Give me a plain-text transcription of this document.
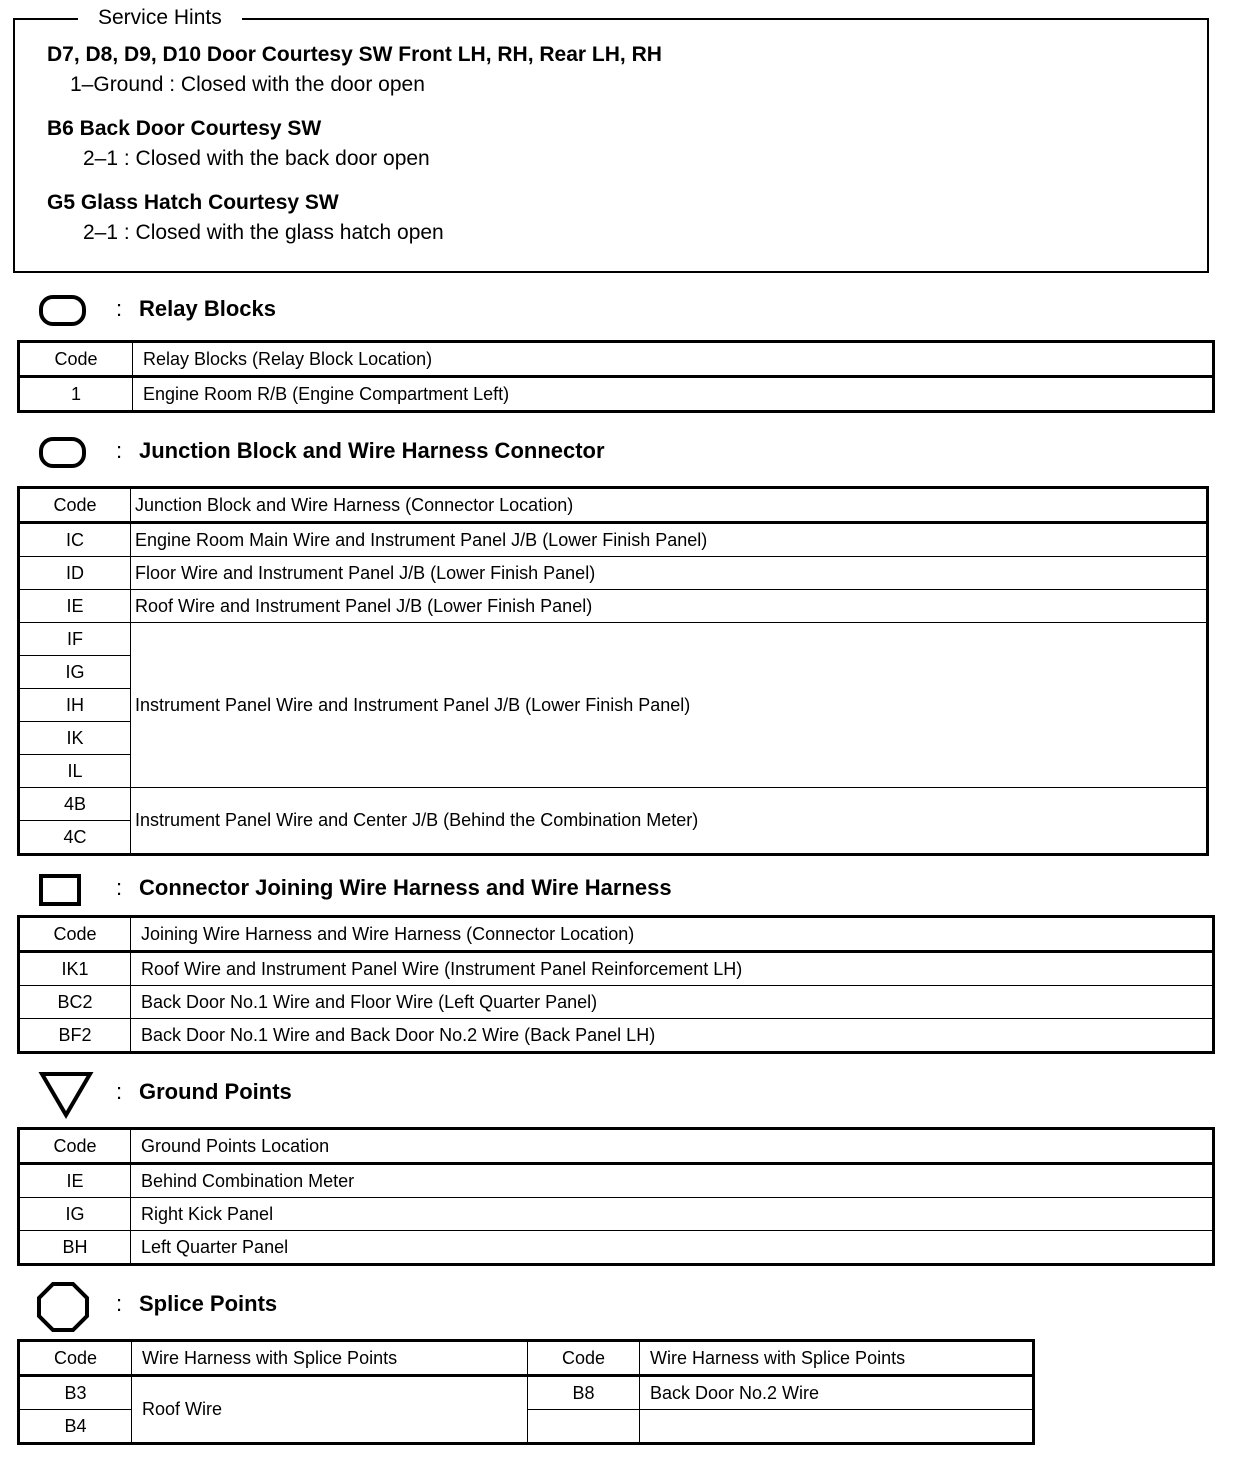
Service Hints
D7, D8, D9, D10 Door Courtesy SW Front LH, RH, Rear LH, RH
1–Ground : Closed with the door open
B6 Back Door Courtesy SW
2–1 : Closed with the back door open
G5 Glass Hatch Courtesy SW
2–1 : Closed with the glass hatch open
: Relay Blocks
Code	Relay Blocks (Relay Block Location)
1	Engine Room R/B (Engine Compartment Left)
: Junction Block and Wire Harness Connector
Code	Junction Block and Wire Harness (Connector Location)
IC	Engine Room Main Wire and Instrument Panel J/B (Lower Finish Panel)
ID	Floor Wire and Instrument Panel J/B (Lower Finish Panel)
IE	Roof Wire and Instrument Panel J/B (Lower Finish Panel)
IF	Instrument Panel Wire and Instrument Panel J/B (Lower Finish Panel)
IG	
IH	
IK	
IL	
4B	Instrument Panel Wire and Center J/B (Behind the Combination Meter)
4C	
: Connector Joining Wire Harness and Wire Harness
Code	Joining Wire Harness and Wire Harness (Connector Location)
IK1	Roof Wire and Instrument Panel Wire (Instrument Panel Reinforcement LH)
BC2	Back Door No.1 Wire and Floor Wire (Left Quarter Panel)
BF2	Back Door No.1 Wire and Back Door No.2 Wire (Back Panel LH)
: Ground Points
Code	Ground Points Location
IE	Behind Combination Meter
IG	Right Kick Panel
BH	Left Quarter Panel
: Splice Points
Code	Wire Harness with Splice Points	Code	Wire Harness with Splice Points
B3	Roof Wire	B8	Back Door No.2 Wire
B4			
